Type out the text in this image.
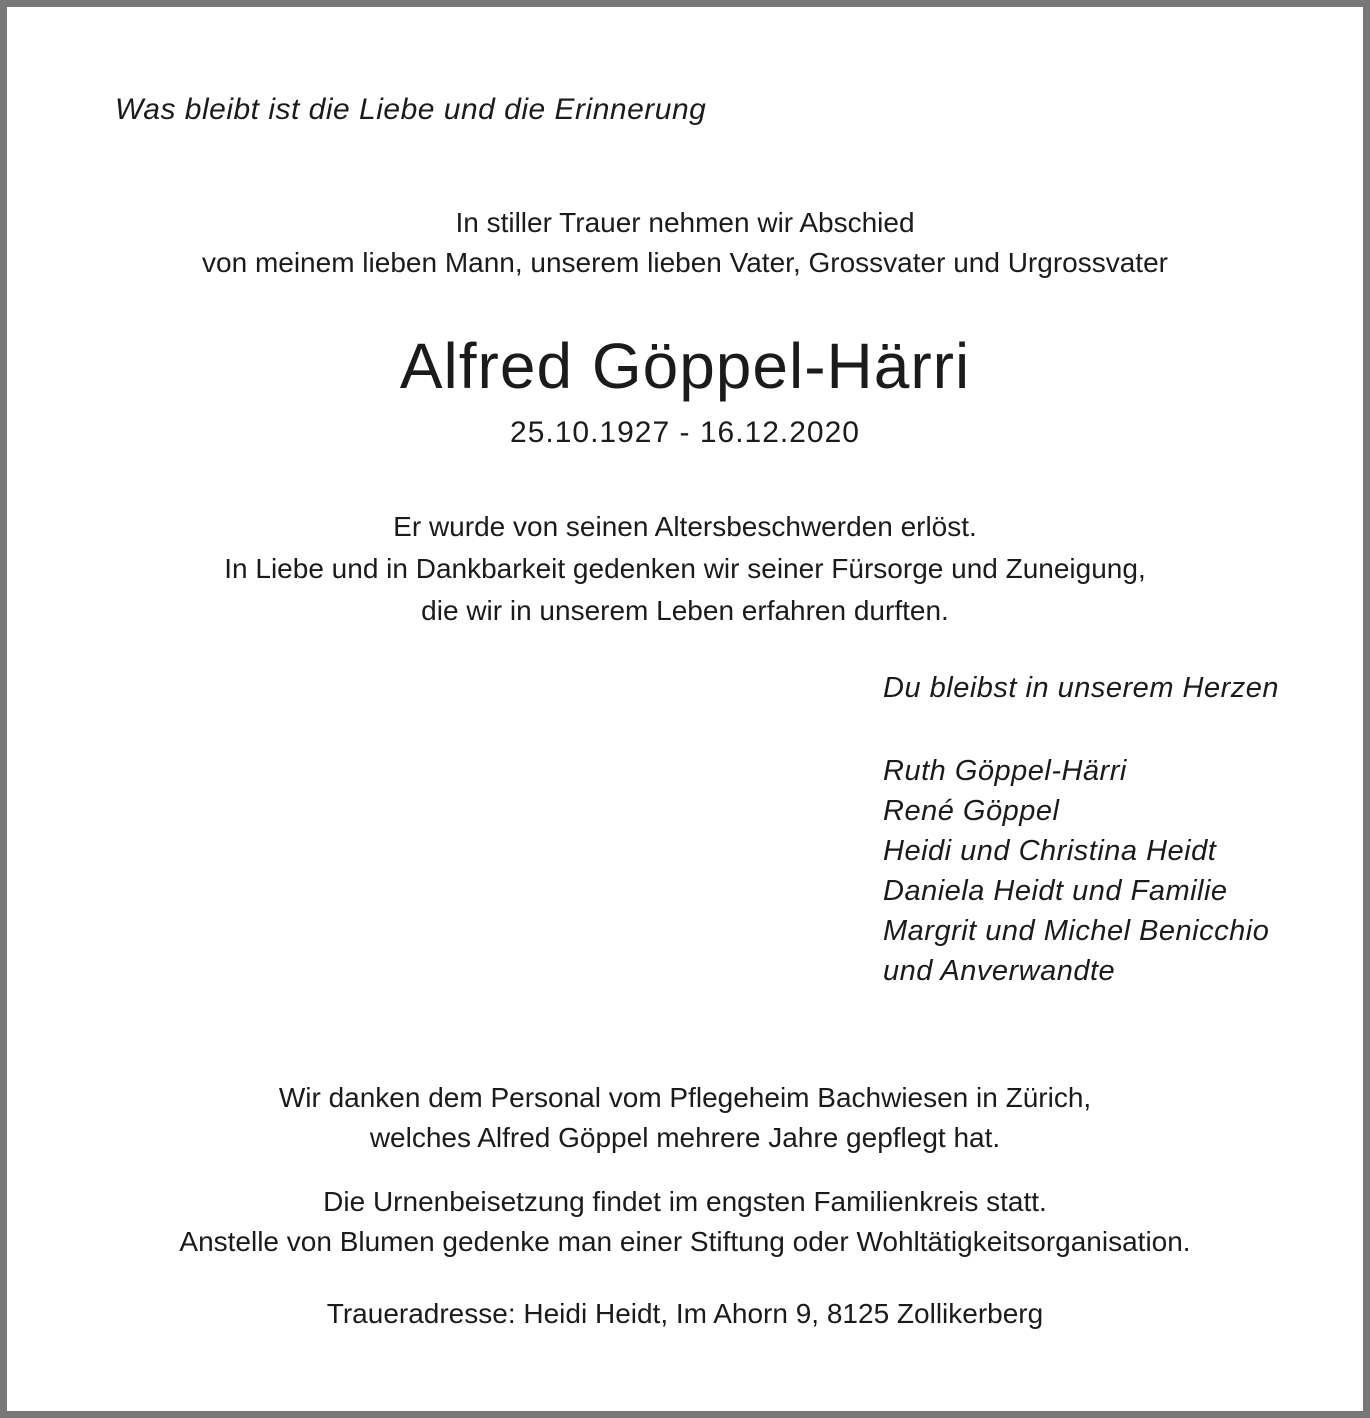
Was bleibt ist die Liebe und die Erinnerung
In stiller Trauer nehmen wir Abschied
von meinem lieben Mann, unserem lieben Vater, Grossvater und Urgrossvater
Alfred Göppel-Härri
25.10.1927 - 16.12.2020
Er wurde von seinen Altersbeschwerden erlöst.
In Liebe und in Dankbarkeit gedenken wir seiner Fürsorge und Zuneigung,
die wir in unserem Leben erfahren durften.
Du bleibst in unserem Herzen
Ruth Göppel-Härri
René Göppel
Heidi und Christina Heidt
Daniela Heidt und Familie
Margrit und Michel Benicchio
und Anverwandte
Wir danken dem Personal vom Pflegeheim Bachwiesen in Zürich,
welches Alfred Göppel mehrere Jahre gepflegt hat.
Die Urnenbeisetzung findet im engsten Familienkreis statt.
Anstelle von Blumen gedenke man einer Stiftung oder Wohltätigkeitsorganisation.
Traueradresse: Heidi Heidt, Im Ahorn 9, 8125 Zollikerberg
